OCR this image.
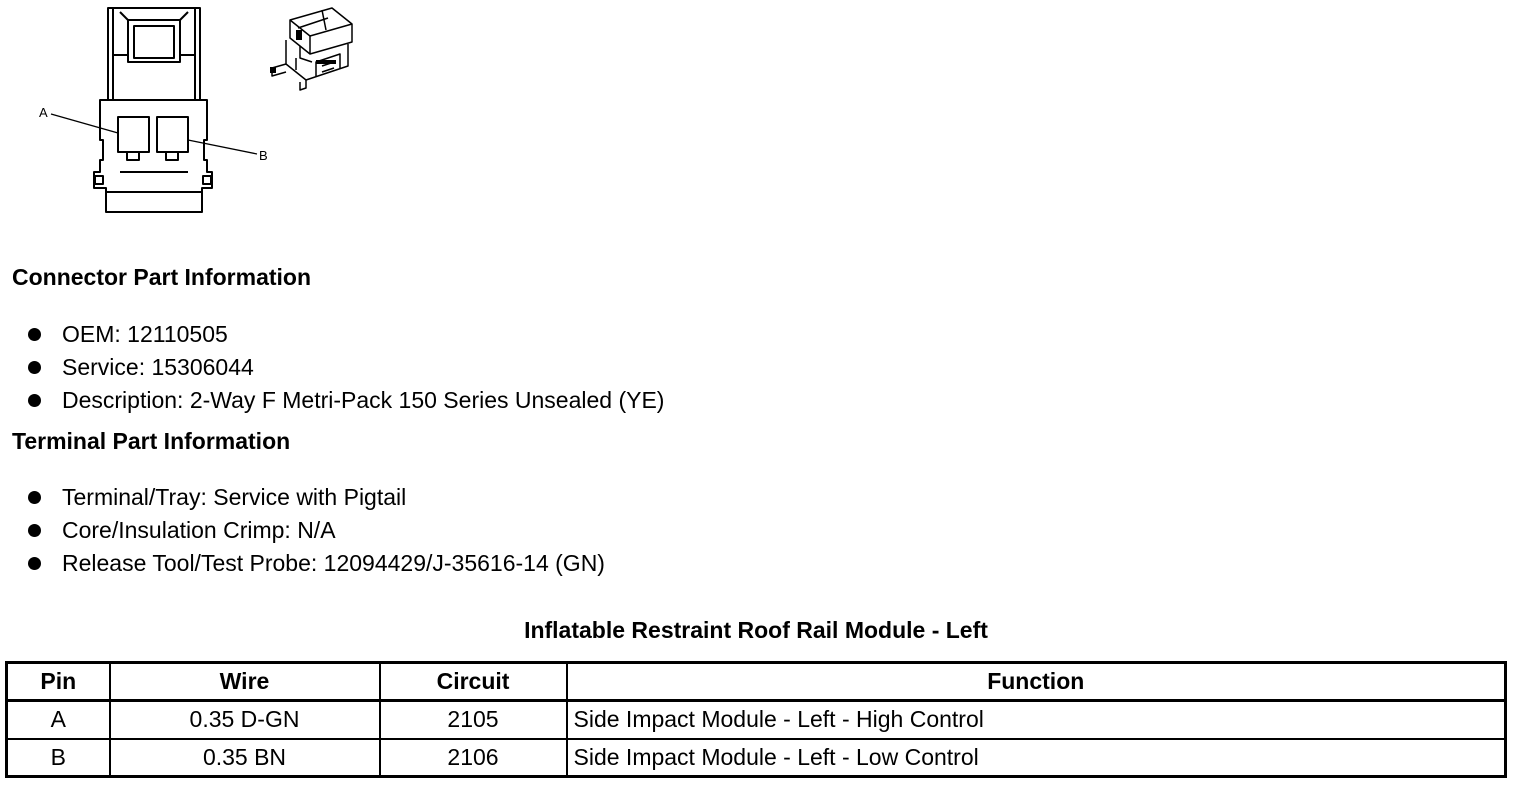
A
B
Connector Part Information
OEM: 12110505
Service: 15306044
Description: 2-Way F Metri-Pack 150 Series Unsealed (YE)
Terminal Part Information
Terminal/Tray: Service with Pigtail
Core/Insulation Crimp: N/A
Release Tool/Test Probe: 12094429/J-35616-14 (GN)
Inflatable Restraint Roof Rail Module - Left
Pin	Wire	Circuit	Function
A	0.35 D-GN	2105	Side Impact Module - Left - High Control
B	0.35 BN	2106	Side Impact Module - Left - Low Control
